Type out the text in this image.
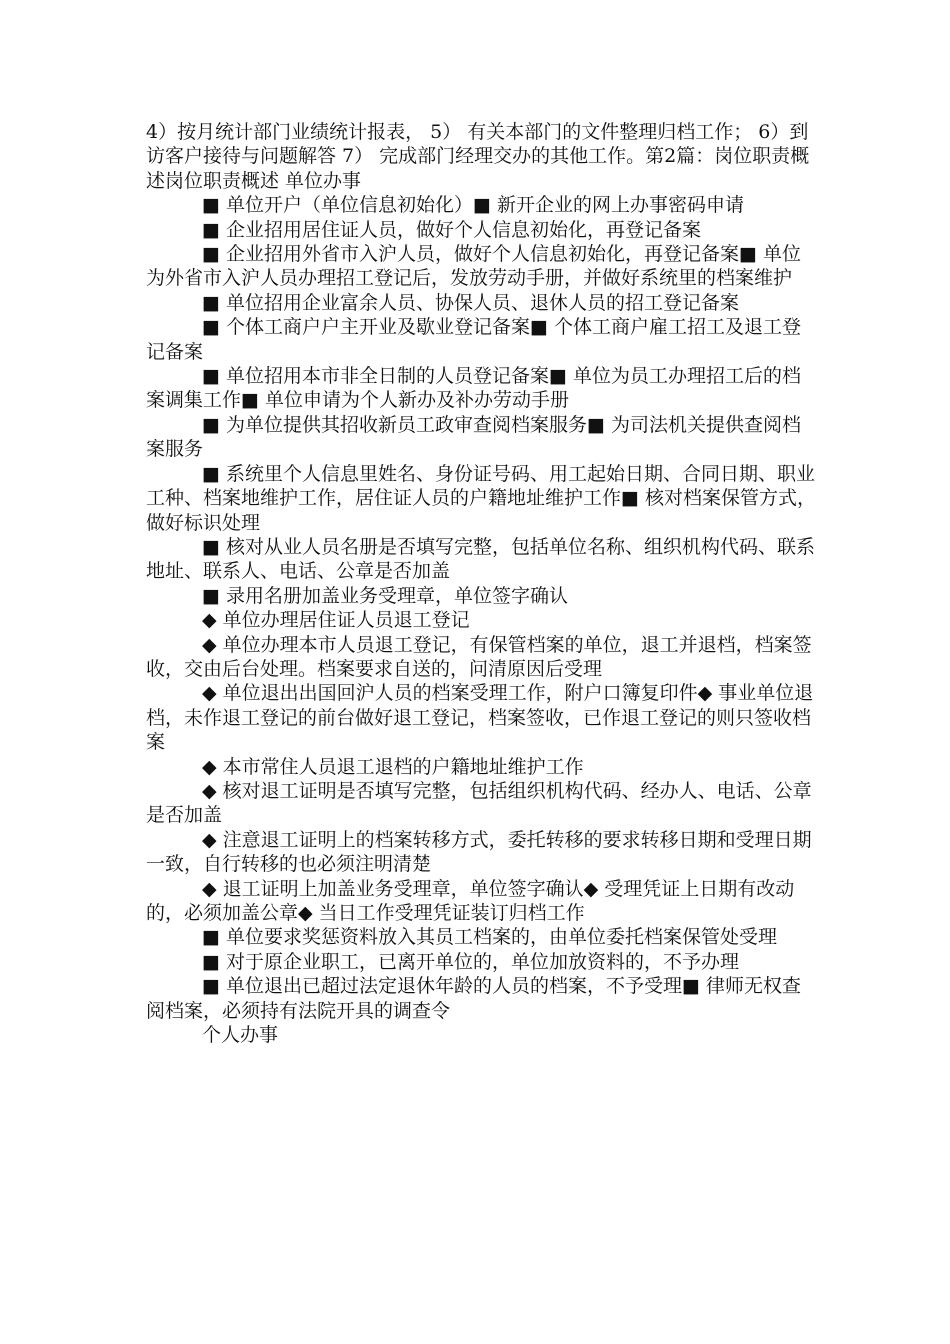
4）按月统计部门业绩统计报表， 5） 有关本部门的文件整理归档工作； 6）到访客户接待与问题解答 7） 完成部门经理交办的其他工作。第2篇：岗位职责概述岗位职责概述 单位办事

■ 单位开户（单位信息初始化）■ 新开企业的网上办事密码申请

■ 企业招用居住证人员，做好个人信息初始化，再登记备案

■ 企业招用外省市入沪人员，做好个人信息初始化，再登记备案■ 单位为外省市入沪人员办理招工登记后，发放劳动手册，并做好系统里的档案维护

■ 单位招用企业富余人员、协保人员、退休人员的招工登记备案

■ 个体工商户户主开业及歇业登记备案■ 个体工商户雇工招工及退工登记备案

■ 单位招用本市非全日制的人员登记备案■ 单位为员工办理招工后的档案调集工作■ 单位申请为个人新办及补办劳动手册

■ 为单位提供其招收新员工政审查阅档案服务■ 为司法机关提供查阅档案服务

■ 系统里个人信息里姓名、身份证号码、用工起始日期、合同日期、职业工种、档案地维护工作，居住证人员的户籍地址维护工作■ 核对档案保管方式，做好标识处理

■ 核对从业人员名册是否填写完整，包括单位名称、组织机构代码、联系地址、联系人、电话、公章是否加盖

■ 录用名册加盖业务受理章，单位签字确认

◆ 单位办理居住证人员退工登记

◆ 单位办理本市人员退工登记，有保管档案的单位，退工并退档，档案签收，交由后台处理。档案要求自送的，问清原因后受理

◆ 单位退出出国回沪人员的档案受理工作，附户口簿复印件◆ 事业单位退档，未作退工登记的前台做好退工登记，档案签收，已作退工登记的则只签收档案

◆ 本市常住人员退工退档的户籍地址维护工作

◆ 核对退工证明是否填写完整，包括组织机构代码、经办人、电话、公章是否加盖

◆ 注意退工证明上的档案转移方式，委托转移的要求转移日期和受理日期一致，自行转移的也必须注明清楚

◆ 退工证明上加盖业务受理章，单位签字确认◆ 受理凭证上日期有改动的，必须加盖公章◆ 当日工作受理凭证装订归档工作

■ 单位要求奖惩资料放入其员工档案的，由单位委托档案保管处受理

■ 对于原企业职工，已离开单位的，单位加放资料的，不予办理

■ 单位退出已超过法定退休年龄的人员的档案，不予受理■ 律师无权查阅档案，必须持有法院开具的调查令

个人办事
